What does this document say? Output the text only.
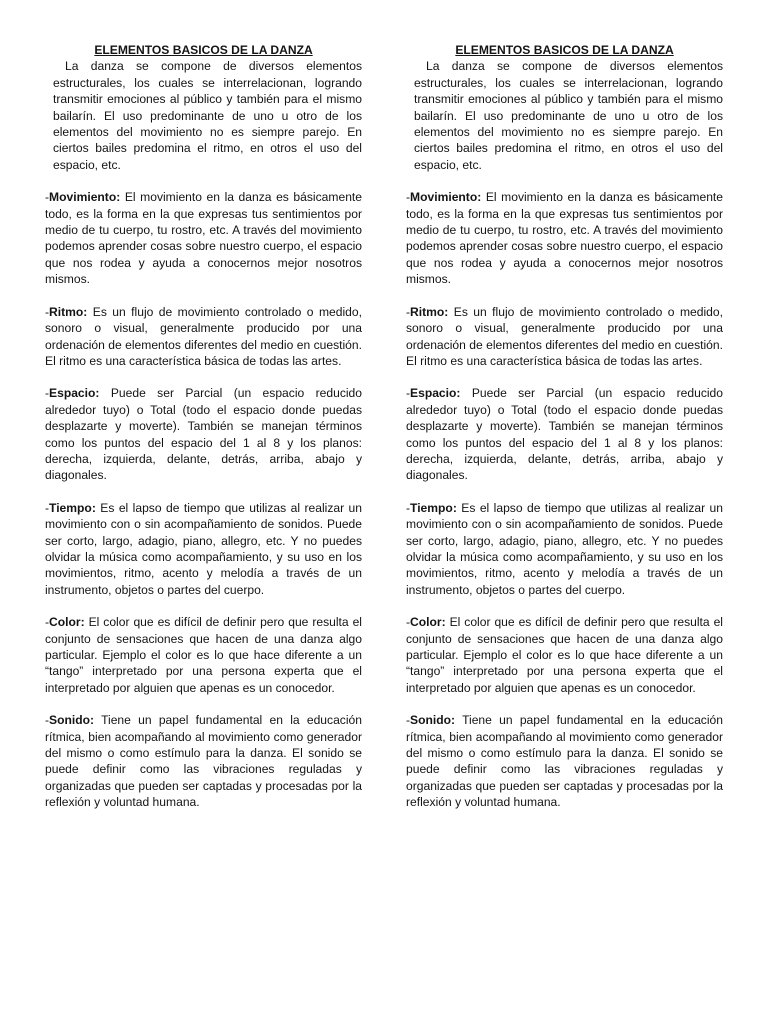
ELEMENTOS BASICOS DE LA DANZA

La danza se compone de diversos elementos estructurales, los cuales se interrelacionan, logrando transmitir emociones al público y también para el mismo bailarín. El uso predominante de uno u otro de los elementos del movimiento no es siempre parejo. En ciertos bailes predomina el ritmo, en otros el uso del espacio, etc.

-Movimiento: El movimiento en la danza es básicamente todo, es la forma en la que expresas tus sentimientos por medio de tu cuerpo, tu rostro, etc. A través del movimiento podemos aprender cosas sobre nuestro cuerpo, el espacio que nos rodea y ayuda a conocernos mejor nosotros mismos.

-Ritmo: Es un flujo de movimiento controlado o medido, sonoro o visual, generalmente producido por una ordenación de elementos diferentes del medio en cuestión. El ritmo es una característica básica de todas las artes.

-Espacio: Puede ser Parcial (un espacio reducido alrededor tuyo) o Total (todo el espacio donde puedas desplazarte y moverte). También se manejan términos como los puntos del espacio del 1 al 8 y los planos: derecha, izquierda, delante, detrás, arriba, abajo y diagonales.

-Tiempo: Es el lapso de tiempo que utilizas al realizar un movimiento con o sin acompañamiento de sonidos. Puede ser corto, largo, adagio, piano, allegro, etc. Y no puedes olvidar la música como acompañamiento, y su uso en los movimientos, ritmo, acento y melodía a través de un instrumento, objetos o partes del cuerpo.

-Color: El color que es difícil de definir pero que resulta el conjunto de sensaciones que hacen de una danza algo particular. Ejemplo el color es lo que hace diferente a un “tango” interpretado por una persona experta que el interpretado por alguien que apenas es un conocedor.

-Sonido: Tiene un papel fundamental en la educación rítmica, bien acompañando al movimiento como generador del mismo o como estímulo para la danza. El sonido se puede definir como las vibraciones reguladas y organizadas que pueden ser captadas y procesadas por la reflexión y voluntad humana.

ELEMENTOS BASICOS DE LA DANZA

La danza se compone de diversos elementos estructurales, los cuales se interrelacionan, logrando transmitir emociones al público y también para el mismo bailarín. El uso predominante de uno u otro de los elementos del movimiento no es siempre parejo. En ciertos bailes predomina el ritmo, en otros el uso del espacio, etc.

-Movimiento: El movimiento en la danza es básicamente todo, es la forma en la que expresas tus sentimientos por medio de tu cuerpo, tu rostro, etc. A través del movimiento podemos aprender cosas sobre nuestro cuerpo, el espacio que nos rodea y ayuda a conocernos mejor nosotros mismos.

-Ritmo: Es un flujo de movimiento controlado o medido, sonoro o visual, generalmente producido por una ordenación de elementos diferentes del medio en cuestión. El ritmo es una característica básica de todas las artes.

-Espacio: Puede ser Parcial (un espacio reducido alrededor tuyo) o Total (todo el espacio donde puedas desplazarte y moverte). También se manejan términos como los puntos del espacio del 1 al 8 y los planos: derecha, izquierda, delante, detrás, arriba, abajo y diagonales.

-Tiempo: Es el lapso de tiempo que utilizas al realizar un movimiento con o sin acompañamiento de sonidos. Puede ser corto, largo, adagio, piano, allegro, etc. Y no puedes olvidar la música como acompañamiento, y su uso en los movimientos, ritmo, acento y melodía a través de un instrumento, objetos o partes del cuerpo.

-Color: El color que es difícil de definir pero que resulta el conjunto de sensaciones que hacen de una danza algo particular. Ejemplo el color es lo que hace diferente a un “tango” interpretado por una persona experta que el interpretado por alguien que apenas es un conocedor.

-Sonido: Tiene un papel fundamental en la educación rítmica, bien acompañando al movimiento como generador del mismo o como estímulo para la danza. El sonido se puede definir como las vibraciones reguladas y organizadas que pueden ser captadas y procesadas por la reflexión y voluntad humana.
